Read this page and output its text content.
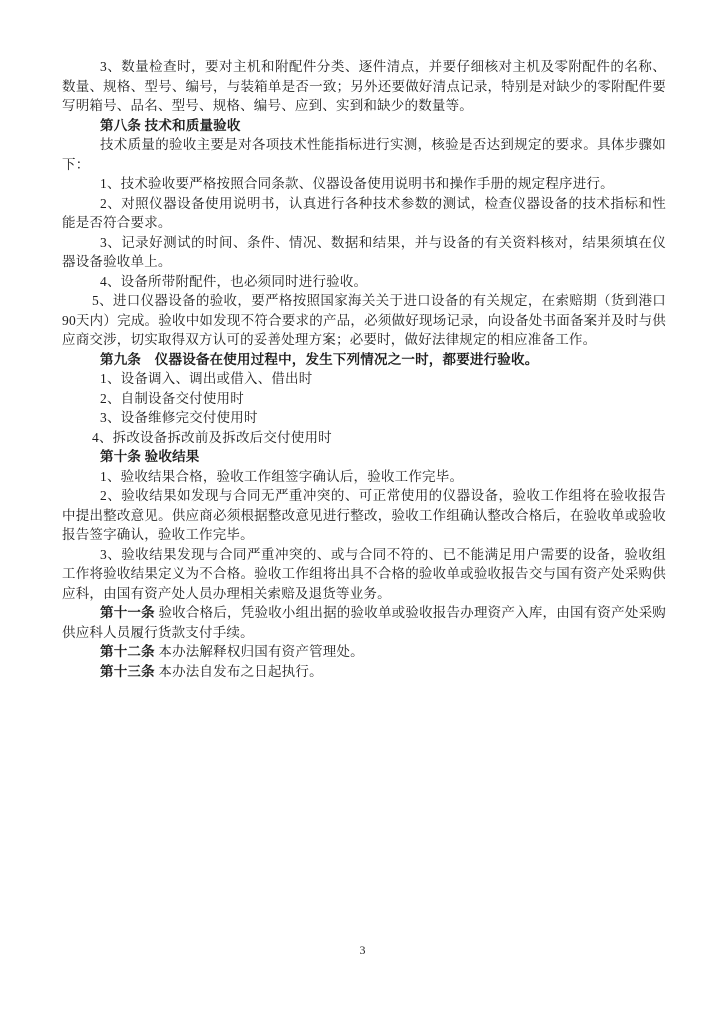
3、数量检查时，要对主机和附配件分类、逐件清点，并要仔细核对主机及零附配件的名称、数量、规格、型号、编号，与装箱单是否一致；另外还要做好清点记录，特别是对缺少的零附配件要写明箱号、品名、型号、规格、编号、应到、实到和缺少的数量等。

第八条 技术和质量验收

技术质量的验收主要是对各项技术性能指标进行实测，核验是否达到规定的要求。具体步骤如下：

1、技术验收要严格按照合同条款、仪器设备使用说明书和操作手册的规定程序进行。

2、对照仪器设备使用说明书，认真进行各种技术参数的测试，检查仪器设备的技术指标和性能是否符合要求。

3、记录好测试的时间、条件、情况、数据和结果，并与设备的有关资料核对，结果须填在仪器设备验收单上。

4、设备所带附配件，也必须同时进行验收。

5、进口仪器设备的验收，要严格按照国家海关关于进口设备的有关规定，在索赔期（货到港口90天内）完成。验收中如发现不符合要求的产品，必须做好现场记录，向设备处书面备案并及时与供应商交涉，切实取得双方认可的妥善处理方案；必要时，做好法律规定的相应准备工作。

第九条　仪器设备在使用过程中，发生下列情况之一时，都要进行验收。

1、设备调入、调出或借入、借出时

2、自制设备交付使用时

3、设备维修完交付使用时

4、拆改设备拆改前及拆改后交付使用时

第十条 验收结果

1、验收结果合格，验收工作组签字确认后，验收工作完毕。

2、验收结果如发现与合同无严重冲突的、可正常使用的仪器设备，验收工作组将在验收报告中提出整改意见。供应商必须根据整改意见进行整改，验收工作组确认整改合格后，在验收单或验收报告签字确认，验收工作完毕。

3、验收结果发现与合同严重冲突的、或与合同不符的、已不能满足用户需要的设备，验收组工作将验收结果定义为不合格。验收工作组将出具不合格的验收单或验收报告交与国有资产处采购供应科，由国有资产处人员办理相关索赔及退货等业务。

第十一条 验收合格后，凭验收小组出据的验收单或验收报告办理资产入库，由国有资产处采购供应科人员履行货款支付手续。

第十二条 本办法解释权归国有资产管理处。

第十三条 本办法自发布之日起执行。

3
